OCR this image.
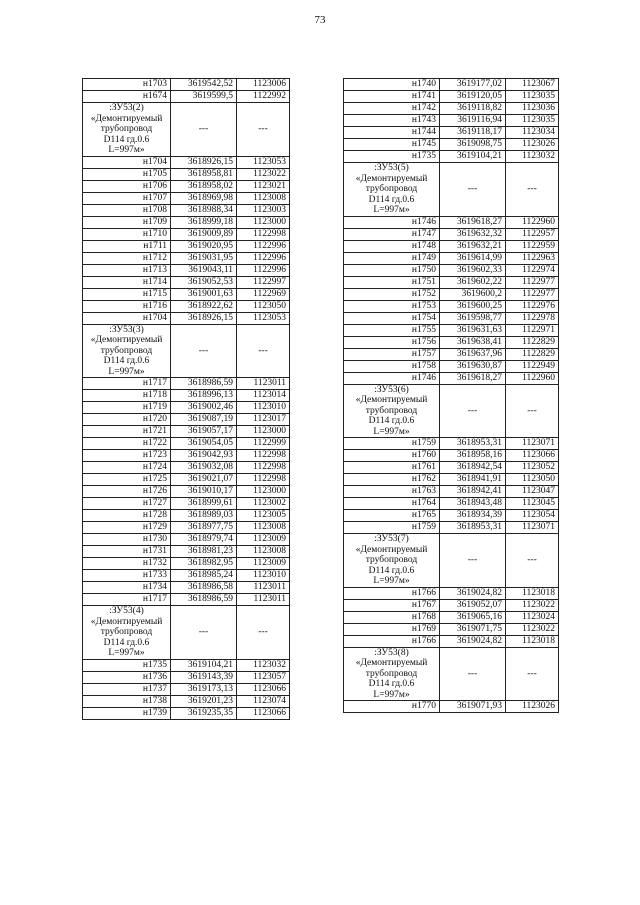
73
н1703	3619542,52	1123006
н1674	3619599,5	1122992

:ЗУ53(2)
«Демонтируемый
трубопровод
D114 гд.0.6
L=997м»	---	---
н1704	3618926,15	1123053
н1705	3618958,81	1123022
н1706	3618958,02	1123021
н1707	3618969,98	1123008
н1708	3618988,34	1123003
н1709	3618999,18	1123000
н1710	3619009,89	1122998
н1711	3619020,95	1122996
н1712	3619031,95	1122996
н1713	3619043,11	1122996
н1714	3619052,53	1122997
н1715	3619001,63	1122969
н1716	3618922,62	1123050
н1704	3618926,15	1123053

:ЗУ53(3)
«Демонтируемый
трубопровод
D114 гд.0.6
L=997м»	---	---
н1717	3618986,59	1123011
н1718	3618996,13	1123014
н1719	3619002,46	1123010
н1720	3619087,19	1123017
н1721	3619057,17	1123000
н1722	3619054,05	1122999
н1723	3619042,93	1122998
н1724	3619032,08	1122998
н1725	3619021,07	1122998
н1726	3619010,17	1123000
н1727	3618999,61	1123002
н1728	3618989,03	1123005
н1729	3618977,75	1123008
н1730	3618979,74	1123009
н1731	3618981,23	1123008
н1732	3618982,95	1123009
н1733	3618985,24	1123010
н1734	3618986,58	1123011
н1717	3618986,59	1123011

:ЗУ53(4)
«Демонтируемый
трубопровод
D114 гд.0.6
L=997м»	---	---
н1735	3619104,21	1123032
н1736	3619143,39	1123057
н1737	3619173,13	1123066
н1738	3619201,23	1123074
н1739	3619235,35	1123066
н1740	3619177,02	1123067
н1741	3619120,05	1123035
н1742	3619118,82	1123036
н1743	3619116,94	1123035
н1744	3619118,17	1123034
н1745	3619098,75	1123026
н1735	3619104,21	1123032

:ЗУ53(5)
«Демонтируемый
трубопровод
D114 гд.0.6
L=997м»	---	---
н1746	3619618,27	1122960
н1747	3619632,32	1122957
н1748	3619632,21	1122959
н1749	3619614,99	1122963
н1750	3619602,33	1122974
н1751	3619602,22	1122977
н1752	3619600,2	1122977
н1753	3619600,25	1122976
н1754	3619598,77	1122978
н1755	3619631,63	1122971
н1756	3619638,41	1122829
н1757	3619637,96	1122829
н1758	3619630,87	1122949
н1746	3619618,27	1122960

:ЗУ53(6)
«Демонтируемый
трубопровод
D114 гд.0.6
L=997м»	---	---
н1759	3618953,31	1123071
н1760	3618958,16	1123066
н1761	3618942,54	1123052
н1762	3618941,91	1123050
н1763	3618942,41	1123047
н1764	3618943,48	1123045
н1765	3618934,39	1123054
н1759	3618953,31	1123071

:ЗУ53(7)
«Демонтируемый
трубопровод
D114 гд.0.6
L=997м»	---	---
н1766	3619024,82	1123018
н1767	3619052,07	1123022
н1768	3619065,16	1123024
н1769	3619071,75	1123022
н1766	3619024,82	1123018

:ЗУ53(8)
«Демонтируемый
трубопровод
D114 гд.0.6
L=997м»	---	---
н1770	3619071,93	1123026
